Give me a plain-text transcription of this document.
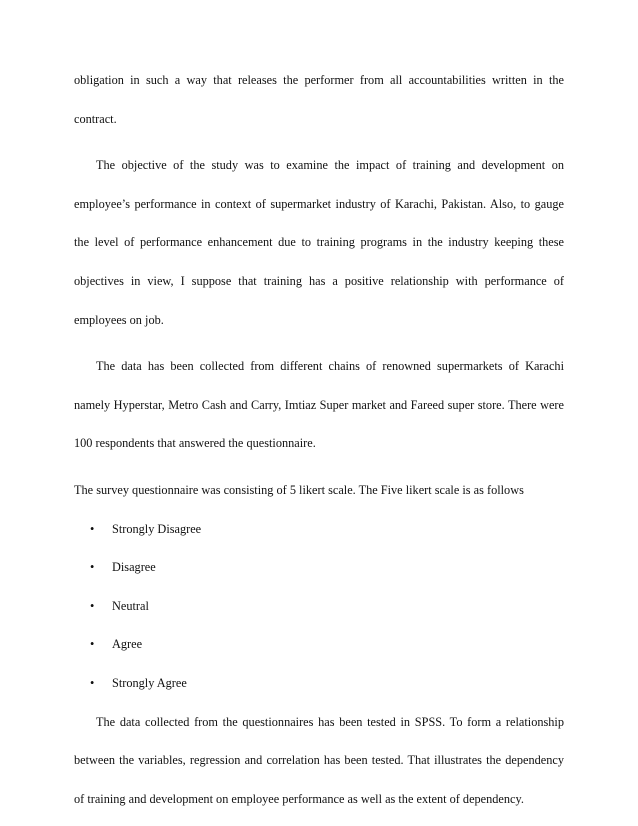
obligation in such a way that releases the performer from all accountabilities written in the contract.

The objective of the study was to examine the impact of training and development on employee’s performance in context of supermarket industry of Karachi, Pakistan. Also, to gauge the level of performance enhancement due to training programs in the industry keeping these objectives in view, I suppose that training has a positive relationship with performance of employees on job.

The data has been collected from different chains of renowned supermarkets of Karachi namely Hyperstar, Metro Cash and Carry, Imtiaz Super market and Fareed super store. There were 100 respondents that answered the questionnaire.

The survey questionnaire was consisting of 5 likert scale. The Five likert scale is as follows

• Strongly Disagree
• Disagree
• Neutral
• Agree
• Strongly Agree

The data collected from the questionnaires has been tested in SPSS. To form a relationship between the variables, regression and correlation has been tested. That illustrates the dependency of training and development on employee performance as well as the extent of dependency.
